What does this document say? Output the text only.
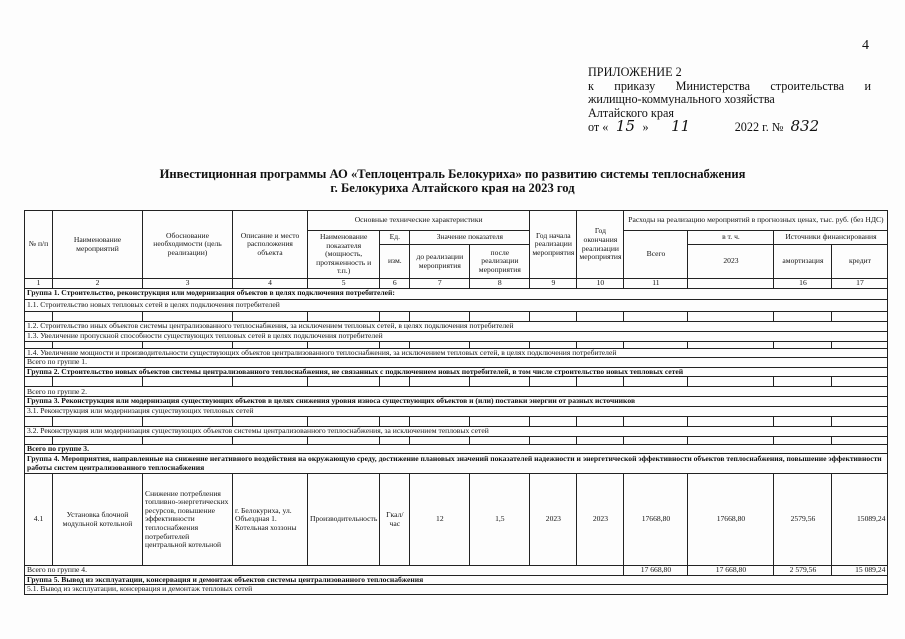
4
ПРИЛОЖЕНИЕ 2
к приказу Министерства строительства и
жилищно-коммунального хозяйства
Алтайского края
от « 15 » 11	2022 г. № 832
Инвестиционная программы АО «Теплоцентраль Белокуриха» по развитию системы теплоснабжения
г. Белокуриха Алтайского края на 2023 год
№ п/п	Наименование мероприятий	Обоснование необходимости (цель реализации)	Описание и место расположения объекта	Основные технические характеристики				Год начала реализации мероприятия	Год окончания реализации мероприятия	Расходы на реализацию мероприятий в прогнозных ценах, тыс. руб. (без НДС)			
				Наименование показателя (мощность, протяженность и т.п.)	Ед.	Значение показателя				Всего	в т. ч.	Источники финансирования	
					изм.	до реализации мероприятия	после реализации мероприятия				2023	амортизация	кредит
1	2	3	4	5	6	7	8	9	10	11		16	17
Группа 1. Строительство, реконструкция или модернизация объектов в целях подключения потребителей:													
1.1. Строительство новых тепловых сетей в целях подключения потребителей													

1.2. Строительство иных объектов системы централизованного теплоснабжения, за исключением тепловых сетей, в целях подключения потребителей													
1.3. Увеличение пропускной способности существующих тепловых сетей в целях подключения потребителей													

1.4. Увеличение мощности и производительности существующих объектов централизованного теплоснабжения, за исключением тепловых сетей, в целях подключения потребителей													
Всего по группе 1.													
Группа 2. Строительство новых объектов системы централизованного теплоснабжения, не связанных с подключением новых потребителей, в том числе строительство новых тепловых сетей													

Всего по группе 2.													
Группа 3. Реконструкция или модернизация существующих объектов в целях снижения уровня износа существующих объектов и (или) поставки энергии от разных источников													
3.1. Реконструкция или модернизация существующих тепловых сетей													

3.2. Реконструкция или модернизация существующих объектов системы централизованного теплоснабжения, за исключением тепловых сетей													

Всего по группе 3.													
Группа 4. Мероприятия, направленные на снижение негативного воздействия на окружающую среду, достижение плановых значений показателей надежности и энергетической эффективности объектов теплоснабжения, повышение эффективности работы систем централизованного теплоснабжения													
4.1	Установка блочной модульной котельной	Снижение потребления топливно-энергетических ресурсов, повышение эффективности теплоснабжения потребителей центральной котельной	г. Белокуриха, ул. Объездная 1. Котельная хоззоны	Производительность	Гкал/час	12	1,5	2023	2023	17668,80	17668,80	2579,56	15089,24
Всего по группе 4.										17 668,80	17 668,80	2 579,56	15 089,24
Группа 5. Вывод из эксплуатации, консервация и демонтаж объектов системы централизованного теплоснабжения													
5.1. Вывод из эксплуатации, консервация и демонтаж тепловых сетей													
